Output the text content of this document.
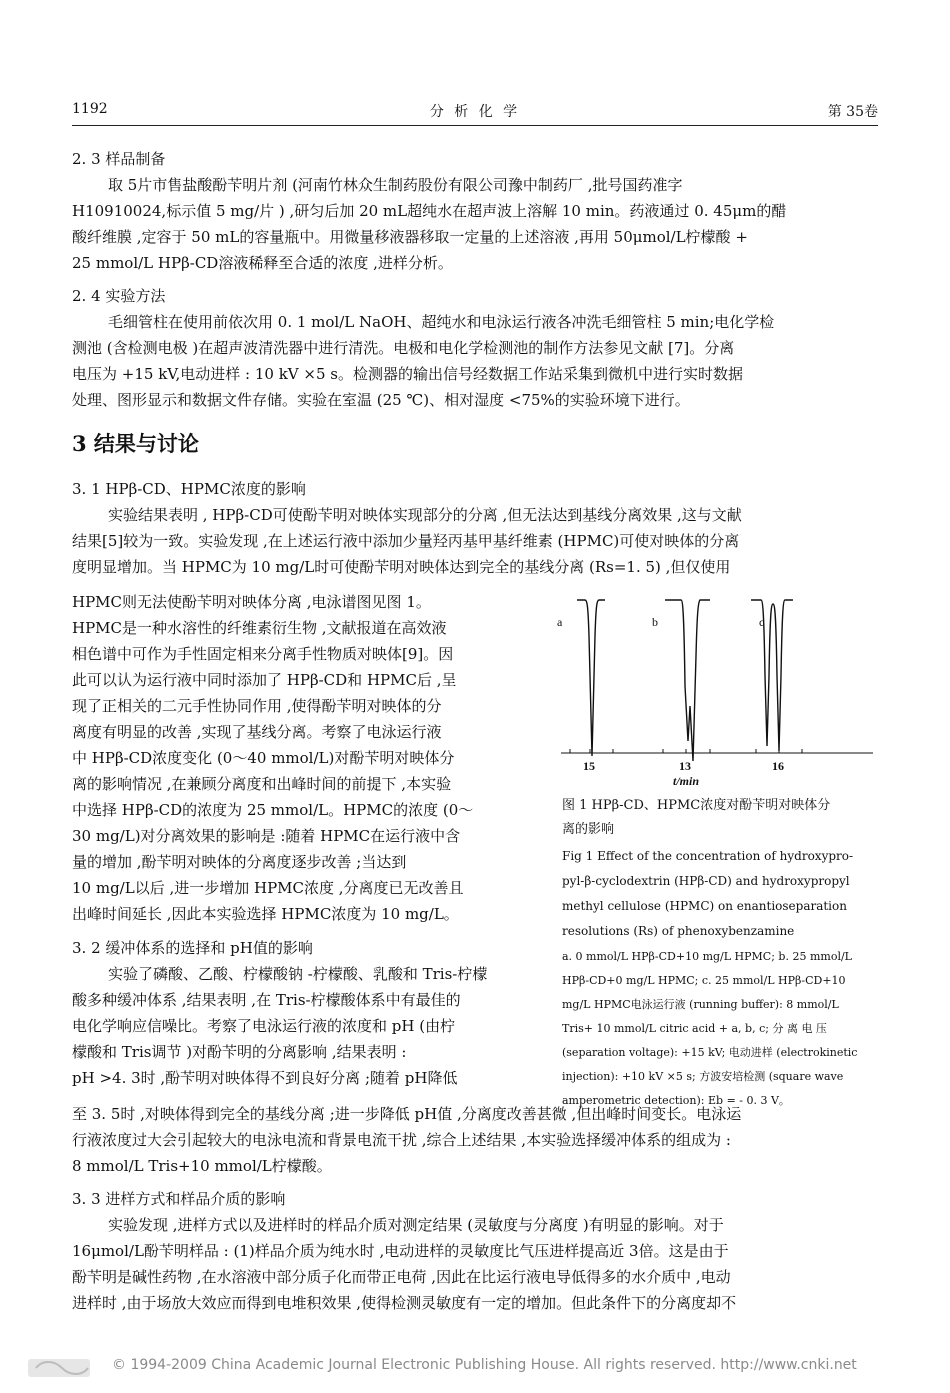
1192	分 析 化 学	第 35卷
2. 3 样品制备
取 5片市售盐酸酚苄明片剂 (河南竹林众生制药股份有限公司豫中制药厂 ,批号国药准字
H10910024,标示值 5 mg/片 ) ,研匀后加 20 mL超纯水在超声波上溶解 10 min。药液通过 0. 45μm的醋
酸纤维膜 ,定容于 50 mL的容量瓶中。用微量移液器移取一定量的上述溶液 ,再用 50μmol/L柠檬酸 +
25 mmol/L HPβ-CD溶液稀释至合适的浓度 ,进样分析。
2. 4 实验方法
毛细管柱在使用前依次用 0. 1 mol/L NaOH、超纯水和电泳运行液各冲洗毛细管柱 5 min;电化学检
测池 (含检测电极 )在超声波清洗器中进行清洗。电极和电化学检测池的制作方法参见文献 [7]。分离
电压为 +15 kV,电动进样 : 10 kV ×5 s。检测器的输出信号经数据工作站采集到微机中进行实时数据
处理、图形显示和数据文件存储。实验在室温 (25 ℃)、相对湿度 <75%的实验环境下进行。
3 结果与讨论
3. 1 HPβ-CD、HPMC浓度的影响
实验结果表明 , HPβ-CD可使酚苄明对映体实现部分的分离 ,但无法达到基线分离效果 ,这与文献
结果[5]较为一致。实验发现 ,在上述运行液中添加少量羟丙基甲基纤维素 (HPMC)可使对映体的分离
度明显增加。当 HPMC为 10 mg/L时可使酚苄明对映体达到完全的基线分离 (Rs=1. 5) ,但仅使用
HPMC则无法使酚苄明对映体分离 ,电泳谱图见图 1。
HPMC是一种水溶性的纤维素衍生物 ,文献报道在高效液
相色谱中可作为手性固定相来分离手性物质对映体[9]。因
此可以认为运行液中同时添加了 HPβ-CD和 HPMC后 ,呈
现了正相关的二元手性协同作用 ,使得酚苄明对映体的分
离度有明显的改善 ,实现了基线分离。考察了电泳运行液
中 HPβ-CD浓度变化 (0～40 mmol/L)对酚苄明对映体分
离的影响情况 ,在兼顾分离度和出峰时间的前提下 ,本实验
中选择 HPβ-CD的浓度为 25 mmol/L。HPMC的浓度 (0～
30 mg/L)对分离效果的影响是 :随着 HPMC在运行液中含
量的增加 ,酚苄明对映体的分离度逐步改善 ;当达到
10 mg/L以后 ,进一步增加 HPMC浓度 ,分离度已无改善且
出峰时间延长 ,因此本实验选择 HPMC浓度为 10 mg/L。
3. 2 缓冲体系的选择和 pH值的影响
实验了磷酸、乙酸、柠檬酸钠 -柠檬酸、乳酸和 Tris-柠檬
酸多种缓冲体系 ,结果表明 ,在 Tris-柠檬酸体系中有最佳的
电化学响应信噪比。考察了电泳运行液的浓度和 pH (由柠
檬酸和 Tris调节 )对酚苄明的分离影响 ,结果表明 :
pH >4. 3时 ,酚苄明对映体得不到良好分离 ;随着 pH降低
至 3. 5时 ,对映体得到完全的基线分离 ;进一步降低 pH值 ,分离度改善甚微 ,但出峰时间变长。电泳运
行液浓度过大会引起较大的电泳电流和背景电流干扰 ,综合上述结果 ,本实验选择缓冲体系的组成为 :
8 mmol/L Tris+10 mmol/L柠檬酸。
3. 3 进样方式和样品介质的影响
实验发现 ,进样方式以及进样时的样品介质对测定结果 (灵敏度与分离度 )有明显的影响。对于
16μmol/L酚苄明样品 : (1)样品介质为纯水时 ,电动进样的灵敏度比气压进样提高近 3倍。这是由于
酚苄明是碱性药物 ,在水溶液中部分质子化而带正电荷 ,因此在比运行液电导低得多的水介质中 ,电动
进样时 ,由于场放大效应而得到电堆积效果 ,使得检测灵敏度有一定的增加。但此条件下的分离度却不
a	b	c
15	13	16
t/min
图 1 HPβ-CD、HPMC浓度对酚苄明对映体分
离的影响
Fig 1 Effect of the concentration of hydroxypro-
pyl-β-cyclodextrin (HPβ-CD) and hydroxypropyl
methyl cellulose (HPMC) on enantioseparation
resolutions (Rs) of phenoxybenzamine
a. 0 mmol/L HPβ-CD+10 mg/L HPMC; b. 25 mmol/L
HPβ-CD+0 mg/L HPMC; c. 25 mmol/L HPβ-CD+10
mg/L HPMC电泳运行液 (running buffer): 8 mmol/L
Tris+ 10 mmol/L citric acid + a, b, c; 分 离 电 压
(separation voltage): +15 kV; 电动进样 (electrokinetic
injection): +10 kV ×5 s; 方波安培检测 (square wave
amperometric detection): Eb = - 0. 3 V。
© 1994-2009 China Academic Journal Electronic Publishing House. All rights reserved. http://www.cnki.net
